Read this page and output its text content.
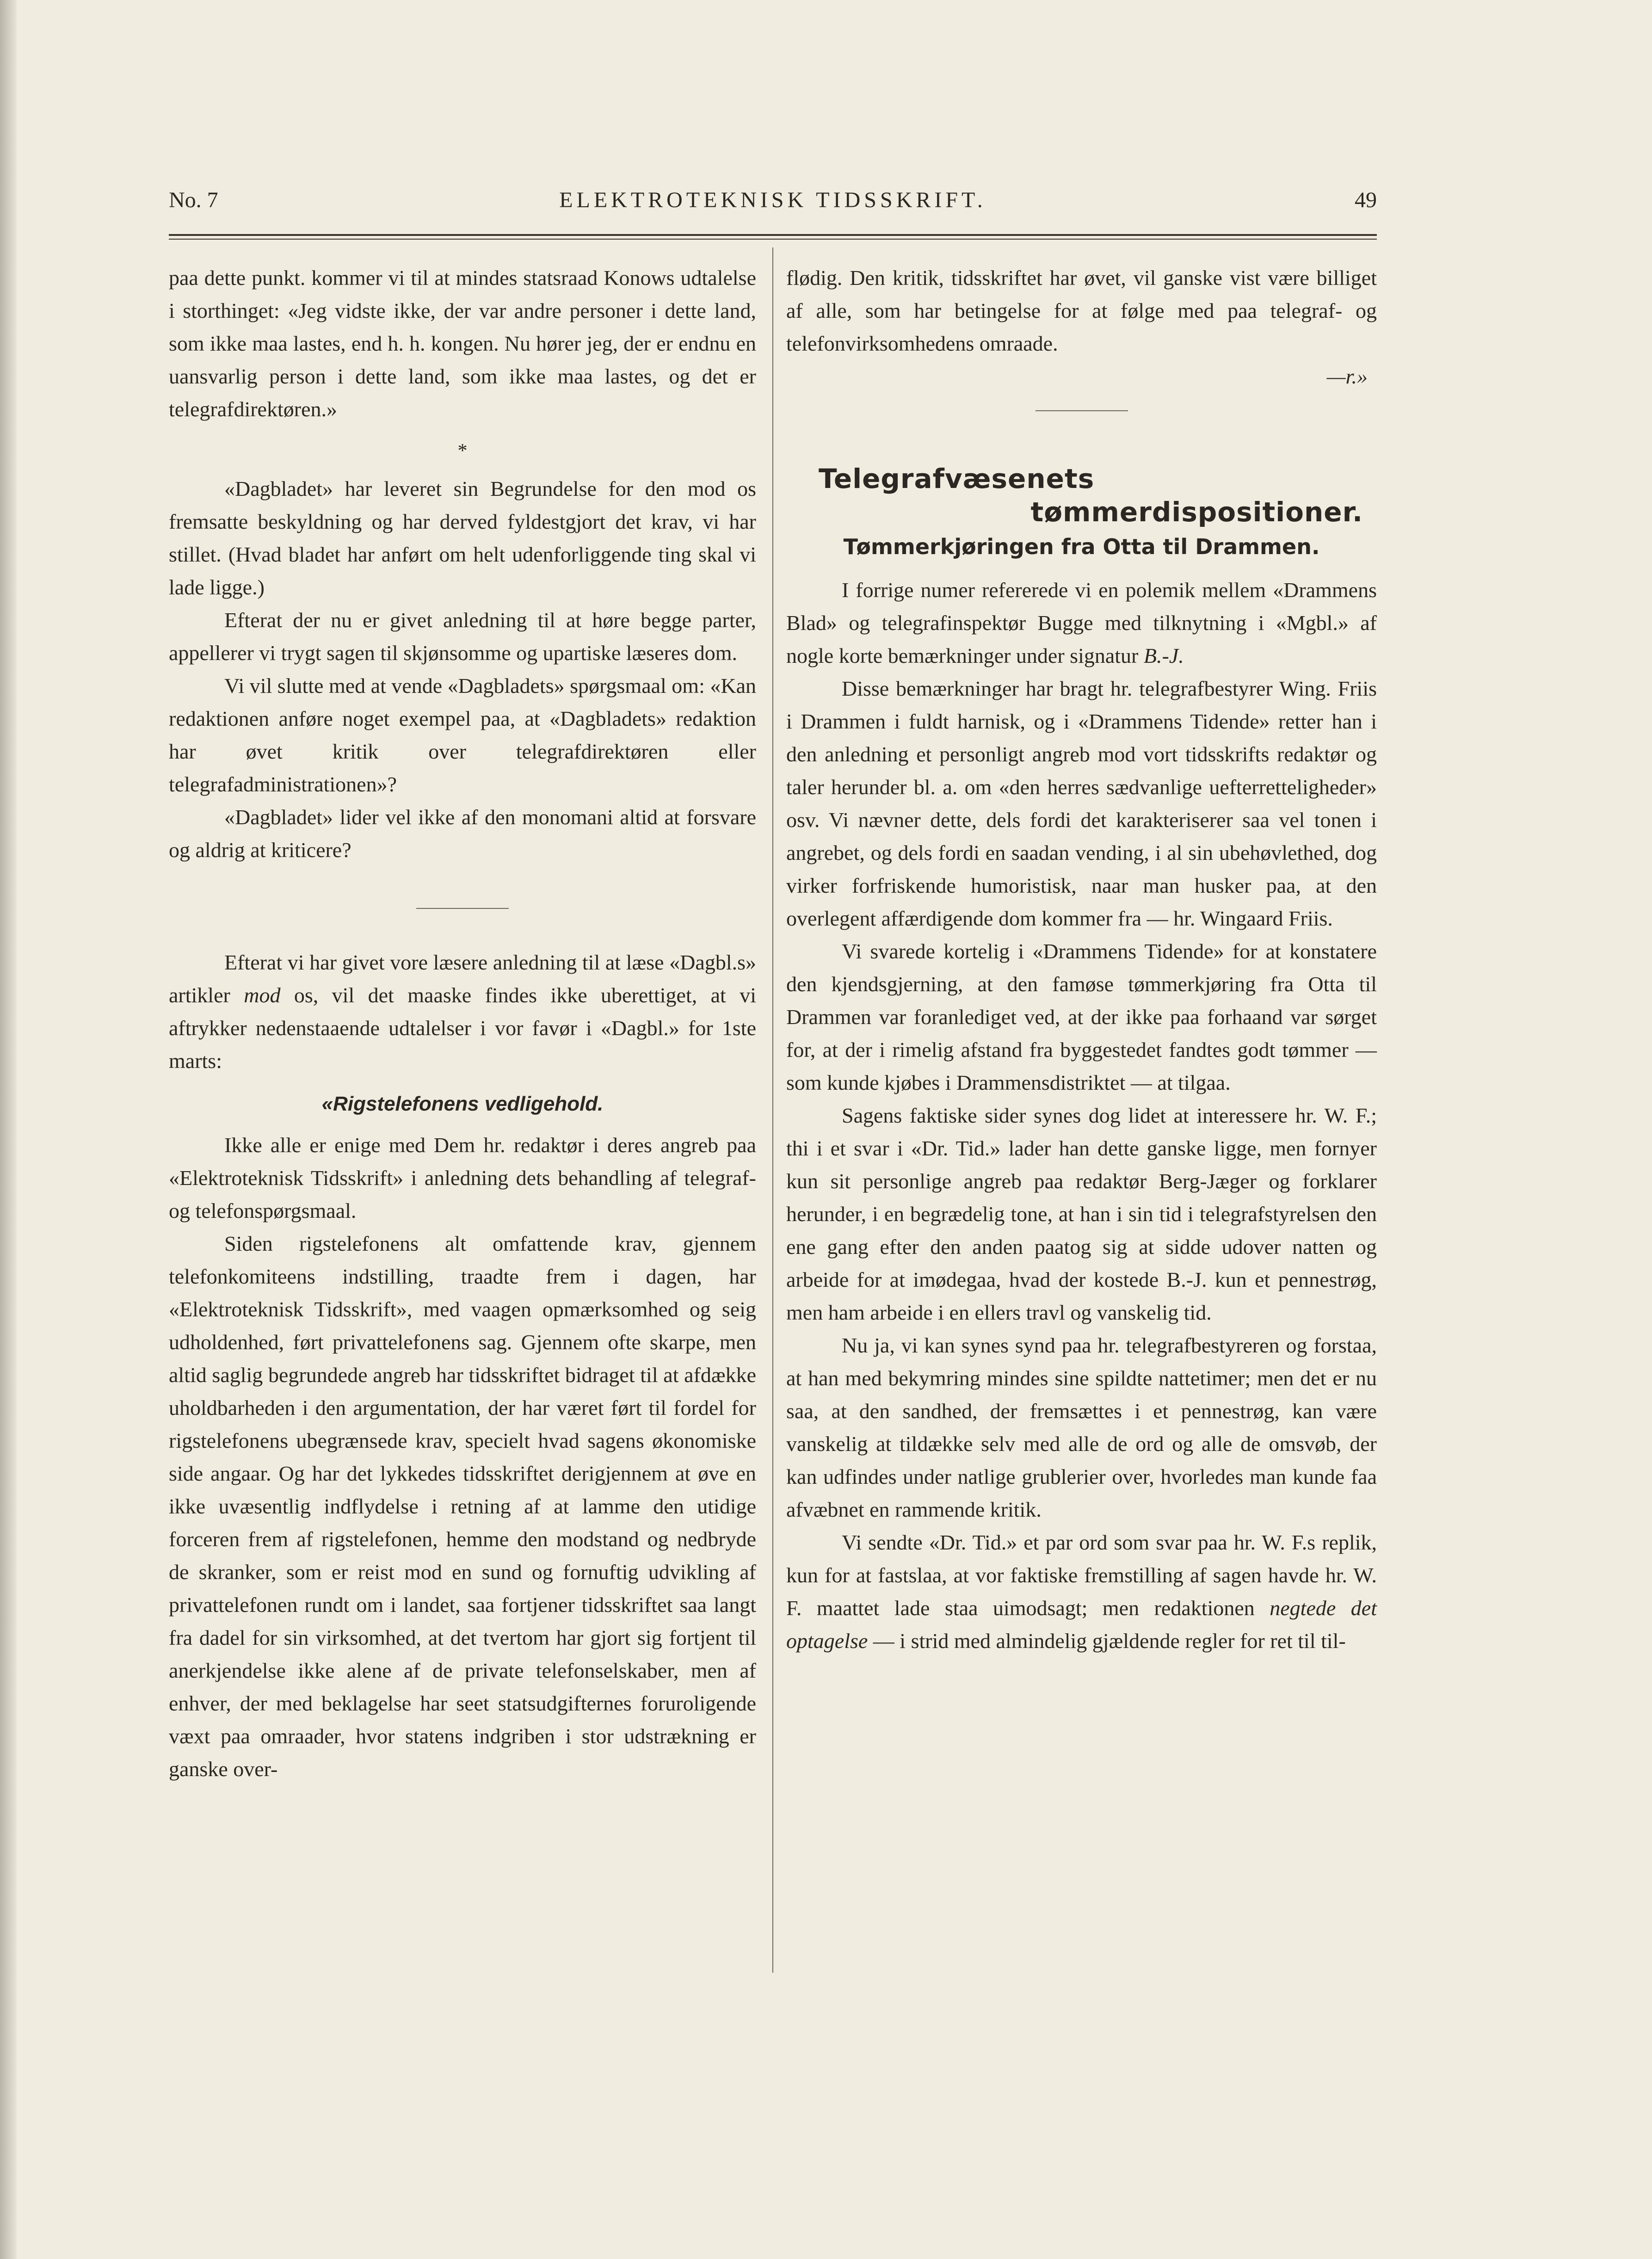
ELEKTROTEKNISK TIDSSKRIFT.
No. 7	49

paa dette punkt. kommer vi til at mindes statsraad Konows udtalelse i storthinget: «Jeg vidste ikke, der var andre personer i dette land, som ikke maa lastes, end h. h. kongen. Nu hører jeg, der er endnu en uansvarlig person i dette land, som ikke maa lastes, og det er telegrafdirektøren.»

*

«Dagbladet» har leveret sin Begrundelse for den mod os fremsatte beskyldning og har derved fyldestgjort det krav, vi har stillet. (Hvad bladet har anført om helt udenforliggende ting skal vi lade ligge.)

Efterat der nu er givet anledning til at høre begge parter, appellerer vi trygt sagen til skjønsomme og upartiske læseres dom.

Vi vil slutte med at vende «Dagbladets» spørgsmaal om: «Kan redaktionen anføre noget exempel paa, at «Dagbladets» redaktion har øvet kritik over telegrafdirektøren eller telegrafadministrationen»?

«Dagbladet» lider vel ikke af den monomani altid at forsvare og aldrig at kriticere?

Efterat vi har givet vore læsere anledning til at læse «Dagbl.s» artikler mod os, vil det maaske findes ikke uberettiget, at vi aftrykker nedenstaaende udtalelser i vor favør i «Dagbl.» for 1ste marts:

«Rigstelefonens vedligehold.

Ikke alle er enige med Dem hr. redaktør i deres angreb paa «Elektroteknisk Tidsskrift» i anledning dets behandling af telegraf- og telefonspørgsmaal.

Siden rigstelefonens alt omfattende krav, gjennem telefonkomiteens indstilling, traadte frem i dagen, har «Elektroteknisk Tidsskrift», med vaagen opmærksomhed og seig udholdenhed, ført privattelefonens sag. Gjennem ofte skarpe, men altid saglig begrundede angreb har tidsskriftet bidraget til at afdække uholdbarheden i den argumentation, der har været ført til fordel for rigstelefonens ubegrænsede krav, specielt hvad sagens økonomiske side angaar. Og har det lykkedes tidsskriftet derigjennem at øve en ikke uvæsentlig indflydelse i retning af at lamme den utidige forceren frem af rigstelefonen, hemme den modstand og nedbryde de skranker, som er reist mod en sund og fornuftig udvikling af privattelefonen rundt om i landet, saa fortjener tidsskriftet saa langt fra dadel for sin virksomhed, at det tvertom har gjort sig fortjent til anerkjendelse ikke alene af de private telefonselskaber, men af enhver, der med beklagelse har seet statsudgifternes foruroligende væxt paa omraader, hvor statens indgriben i stor udstrækning er ganske over-

flødig. Den kritik, tidsskriftet har øvet, vil ganske vist være billiget af alle, som har betingelse for at følge med paa telegraf- og telefonvirksomhedens omraade.

—r.»

Telegrafvæsenets
tømmerdispositioner.
Tømmerkjøringen fra Otta til Drammen.

I forrige numer refererede vi en polemik mellem «Drammens Blad» og telegrafinspektør Bugge med tilknytning i «Mgbl.» af nogle korte bemærkninger under signatur B.-J.

Disse bemærkninger har bragt hr. telegrafbestyrer Wing. Friis i Drammen i fuldt harnisk, og i «Drammens Tidende» retter han i den anledning et personligt angreb mod vort tidsskrifts redaktør og taler herunder bl. a. om «den herres sædvanlige uefterretteligheder» osv. Vi nævner dette, dels fordi det karakteriserer saa vel tonen i angrebet, og dels fordi en saadan vending, i al sin ubehøvlethed, dog virker forfriskende humoristisk, naar man husker paa, at den overlegent affærdigende dom kommer fra — hr. Wingaard Friis.

Vi svarede kortelig i «Drammens Tidende» for at konstatere den kjendsgjerning, at den famøse tømmerkjøring fra Otta til Drammen var foranlediget ved, at der ikke paa forhaand var sørget for, at der i rimelig afstand fra byggestedet fandtes godt tømmer — som kunde kjøbes i Drammensdistriktet — at tilgaa.

Sagens faktiske sider synes dog lidet at interessere hr. W. F.; thi i et svar i «Dr. Tid.» lader han dette ganske ligge, men fornyer kun sit personlige angreb paa redaktør Berg-Jæger og forklarer herunder, i en begrædelig tone, at han i sin tid i telegrafstyrelsen den ene gang efter den anden paatog sig at sidde udover natten og arbeide for at imødegaa, hvad der kostede B.-J. kun et pennestrøg, men ham arbeide i en ellers travl og vanskelig tid.

Nu ja, vi kan synes synd paa hr. telegrafbestyreren og forstaa, at han med bekymring mindes sine spildte nattetimer; men det er nu saa, at den sandhed, der fremsættes i et pennestrøg, kan være vanskelig at tildække selv med alle de ord og alle de omsvøb, der kan udfindes under natlige grublerier over, hvorledes man kunde faa afvæbnet en rammende kritik.

Vi sendte «Dr. Tid.» et par ord som svar paa hr. W. F.s replik, kun for at fastslaa, at vor faktiske fremstilling af sagen havde hr. W. F. maattet lade staa uimodsagt; men redaktionen negtede det optagelse — i strid med almindelig gjældende regler for ret til til-
